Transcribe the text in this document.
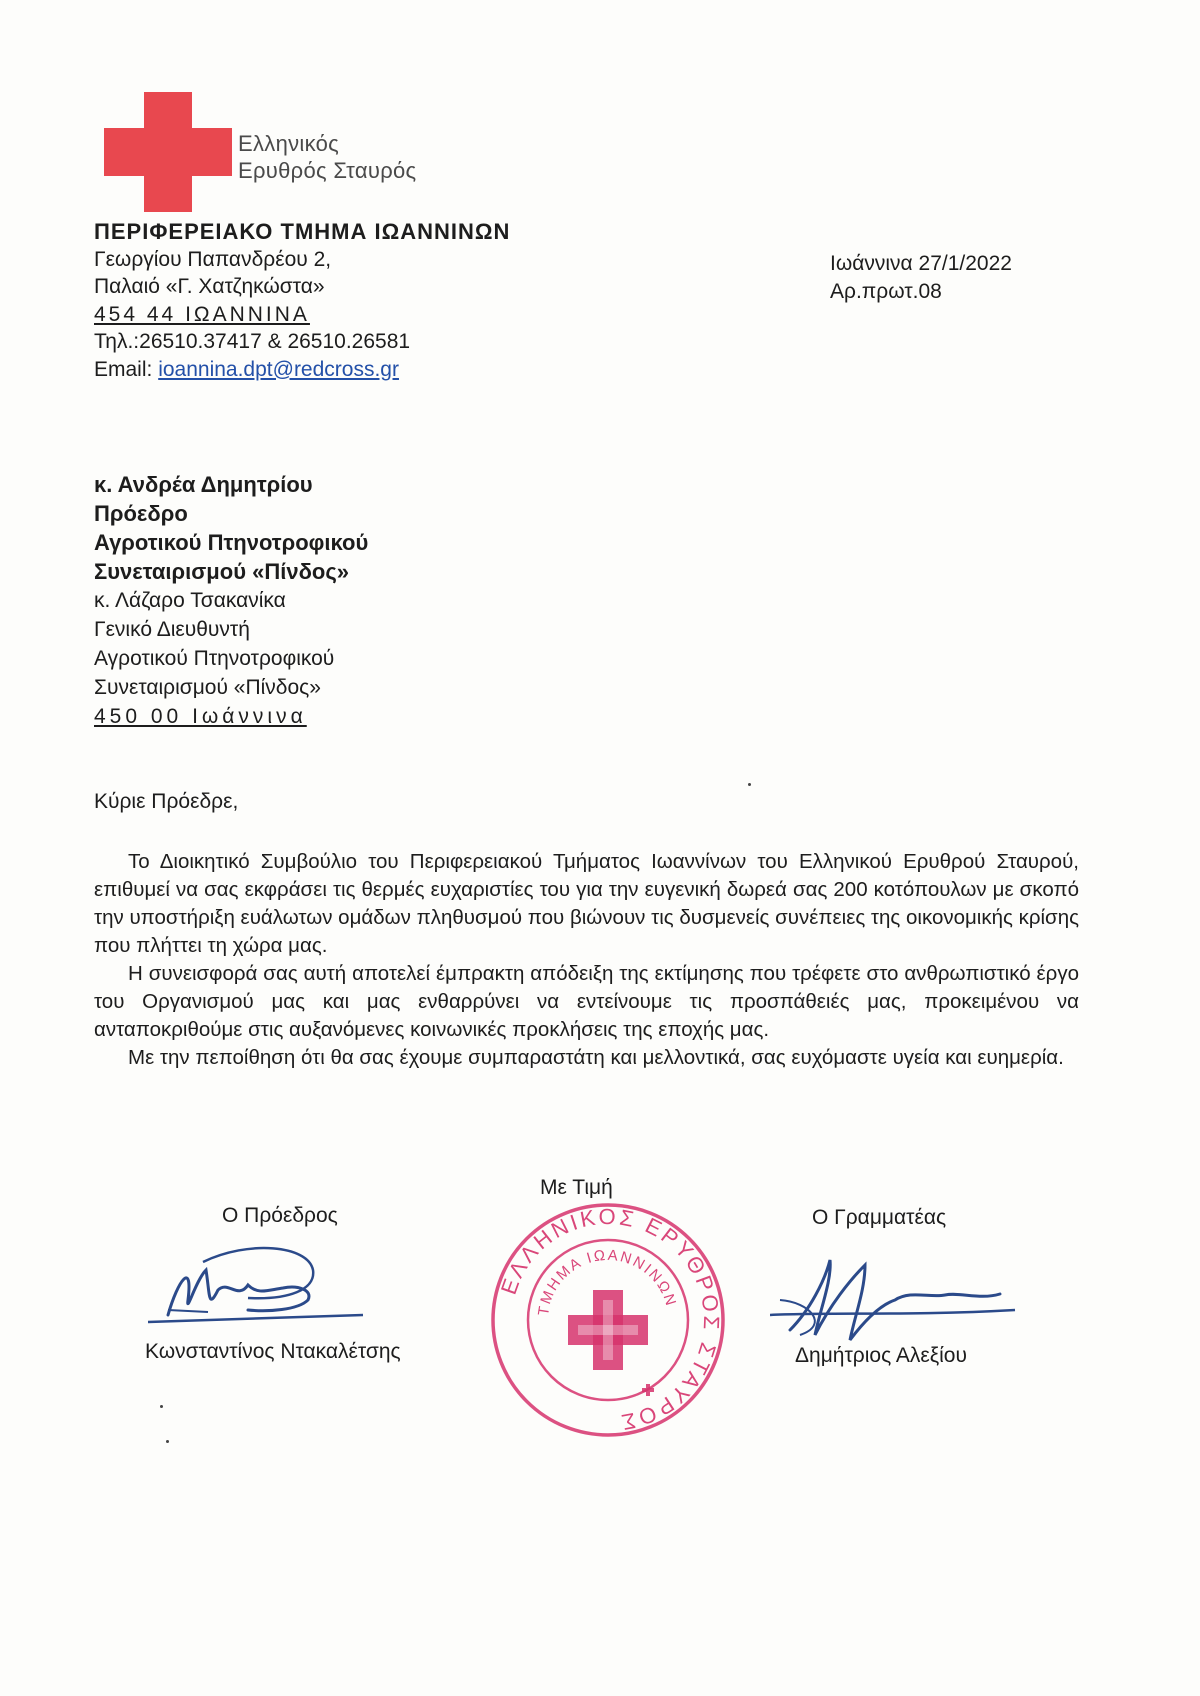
Ελληνικός
Ερυθρός Σταυρός
ΠΕΡΙΦΕΡΕΙΑΚΟ ΤΜΗΜΑ ΙΩΑΝΝΙΝΩΝ
Γεωργίου Παπανδρέου 2,
Παλαιό «Γ. Χατζηκώστα»
454 44 ΙΩΑΝΝΙΝΑ
Τηλ.:26510.37417 & 26510.26581
Email: ioannina.dpt@redcross.gr
Ιωάννινα 27/1/2022
Αρ.πρωτ.08
κ. Ανδρέα Δημητρίου
Πρόεδρο
Αγροτικού Πτηνοτροφικού
Συνεταιρισμού «Πίνδος»
κ. Λάζαρο Τσακανίκα
Γενικό Διευθυντή
Αγροτικού Πτηνοτροφικού
Συνεταιρισμού «Πίνδος»
450 00 Ιωάννινα
Κύριε Πρόεδρε,

Το Διοικητικό Συμβούλιο του Περιφερειακού Τμήματος Ιωαννίνων του Ελληνικού Ερυθρού Σταυρού, επιθυμεί να σας εκφράσει τις θερμές ευχαριστίες του για την ευγενική δωρεά σας 200 κοτόπουλων με σκοπό την υποστήριξη ευάλωτων ομάδων πληθυσμού που βιώνουν τις δυσμενείς συνέπειες της οικονομικής κρίσης που πλήττει τη χώρα μας.

Η συνεισφορά σας αυτή αποτελεί έμπρακτη απόδειξη της εκτίμησης που τρέφετε στο ανθρωπιστικό έργο του Οργανισμού μας και μας ενθαρρύνει να εντείνουμε τις προσπάθειές μας, προκειμένου να ανταποκριθούμε στις αυξανόμενες κοινωνικές προκλήσεις της εποχής μας.

Με την πεποίθηση ότι θα σας έχουμε συμπαραστάτη και μελλοντικά, σας ευχόμαστε υγεία και ευημερία.

Με Τιμή
Ο Πρόεδρος	Ο Γραμματέας
Κωνσταντίνος Ντακαλέτσης	Δημήτριος Αλεξίου
ΕΛΛΗΝΙΚΟΣ ΕΡΥΘΡΟΣ ΣΤΑΥΡΟΣ
ΤΜΗΜΑ ΙΩΑΝΝΙΝΩΝ
